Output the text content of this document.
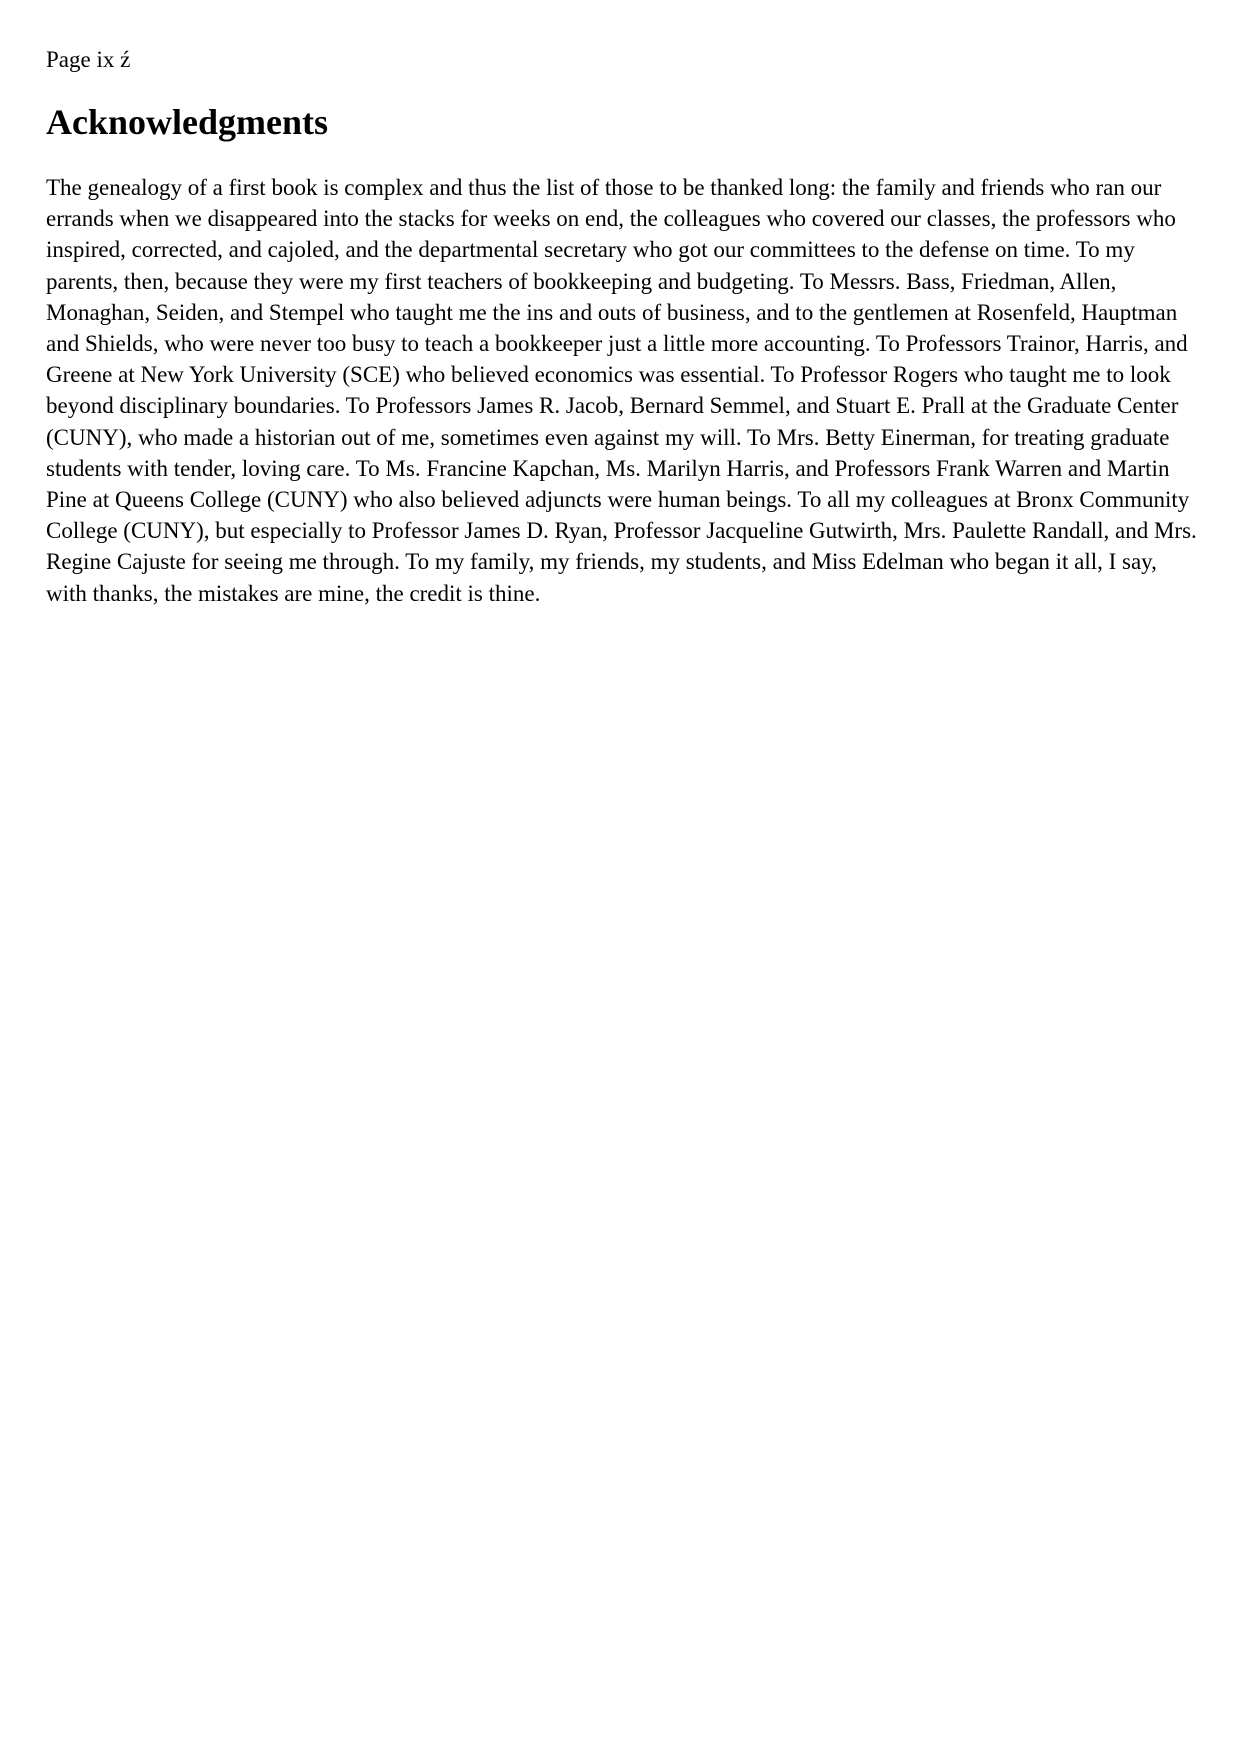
Page ix ź
Acknowledgments

The genealogy of a first book is complex and thus the list of those to be thanked long: the family and friends who ran our errands when we disappeared into the stacks for weeks on end, the colleagues who covered our classes, the professors who inspired, corrected, and cajoled, and the departmental secretary who got our committees to the defense on time. To my parents, then, because they were my first teachers of bookkeeping and budgeting. To Messrs. Bass, Friedman, Allen, Monaghan, Seiden, and Stempel who taught me the ins and outs of business, and to the gentlemen at Rosenfeld, Hauptman and Shields, who were never too busy to teach a bookkeeper just a little more accounting. To Professors Trainor, Harris, and Greene at New York University (SCE) who believed economics was essential. To Professor Rogers who taught me to look beyond disciplinary boundaries. To Professors James R. Jacob, Bernard Semmel, and Stuart E. Prall at the Graduate Center (CUNY), who made a historian out of me, sometimes even against my will. To Mrs. Betty Einerman, for treating graduate students with tender, loving care. To Ms. Francine Kapchan, Ms. Marilyn Harris, and Professors Frank Warren and Martin Pine at Queens College (CUNY) who also believed adjuncts were human beings. To all my colleagues at Bronx Community College (CUNY), but especially to Professor James D. Ryan, Professor Jacqueline Gutwirth, Mrs. Paulette Randall, and Mrs. Regine Cajuste for seeing me through. To my family, my friends, my students, and Miss Edelman who began it all, I say, with thanks, the mistakes are mine, the credit is thine.
